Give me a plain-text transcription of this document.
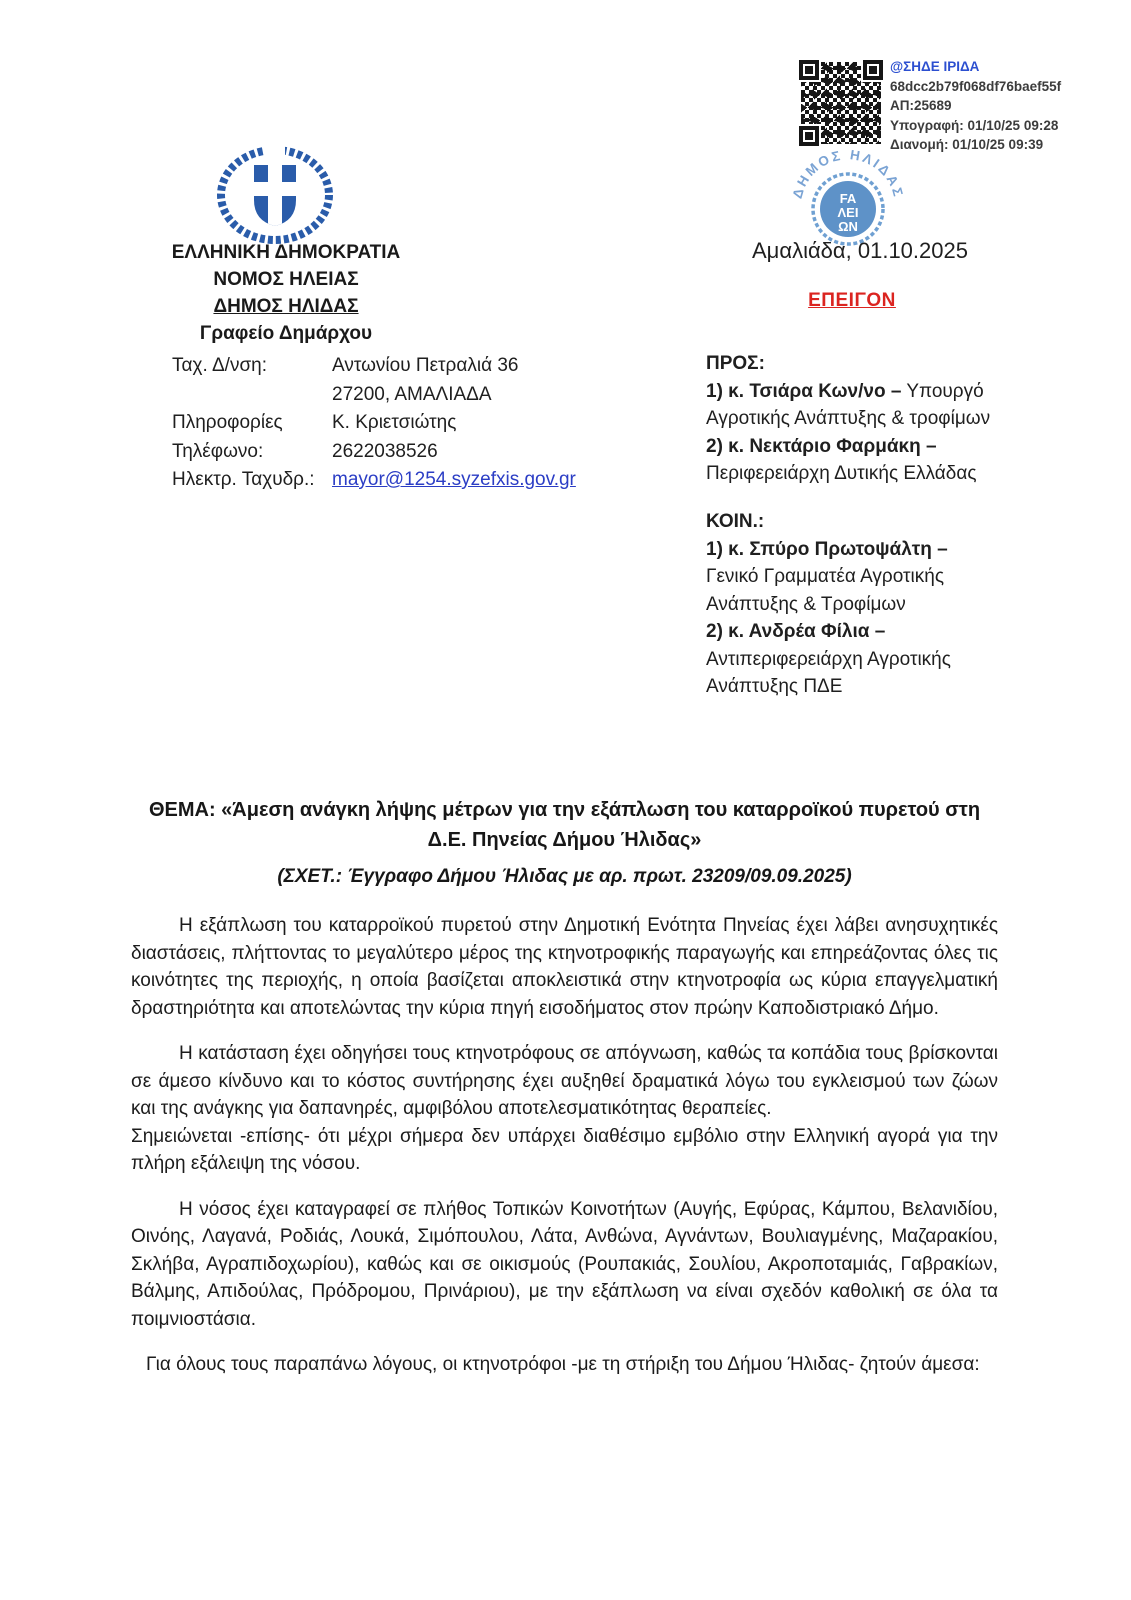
@ΣΗΔΕ ΙΡΙΔΑ
68dcc2b79f068df76baef55f
ΑΠ:25689
Υπογραφή: 01/10/25 09:28
Διανομή: 01/10/25 09:39
ΔΗΜΟΣ ΗΛΙΔΑΣ
FA
ΛΕΙ
ΩΝ
ΕΛΛΗΝΙΚΗ ΔΗΜΟΚΡΑΤΙΑ
ΝΟΜΟΣ ΗΛΕΙΑΣ
ΔΗΜΟΣ ΗΛΙΔΑΣ
Γραφείο Δημάρχου
Ταχ. Δ/νση:	Αντωνίου Πετραλιά 36
27200, ΑΜΑΛΙΑΔΑ
Πληροφορίες	Κ. Κριετσιώτης
Τηλέφωνο:	2622038526
Ηλεκτρ. Ταχυδρ.: mayor@1254.syzefxis.gov.gr
Αμαλιάδα, 01.10.2025
ΕΠΕΙΓΟΝ

ΠΡΟΣ:

1) κ. Τσιάρα Κων/νο – Υπουργό Αγροτικής Ανάπτυξης & τροφίμων

2) κ. Νεκτάριο Φαρμάκη – Περιφερειάρχη Δυτικής Ελλάδας

ΚΟΙΝ.:

1) κ. Σπύρο Πρωτοψάλτη – Γενικό Γραμματέα Αγροτικής Ανάπτυξης & Τροφίμων

2) κ. Ανδρέα Φίλια – Αντιπεριφερειάρχη Αγροτικής Ανάπτυξης ΠΔΕ

ΘΕΜΑ: «Άμεση ανάγκη λήψης μέτρων για την εξάπλωση του καταρροϊκού πυρετού στη Δ.Ε. Πηνείας Δήμου Ήλιδας»
(ΣΧΕΤ.: Έγγραφο Δήμου Ήλιδας με αρ. πρωτ. 23209/09.09.2025)

Η εξάπλωση του καταρροϊκού πυρετού στην Δημοτική Ενότητα Πηνείας έχει λάβει ανησυχητικές διαστάσεις, πλήττοντας το μεγαλύτερο μέρος της κτηνοτροφικής παραγωγής και επηρεάζοντας όλες τις κοινότητες της περιοχής, η οποία βασίζεται αποκλειστικά στην κτηνοτροφία ως κύρια επαγγελματική δραστηριότητα και αποτελώντας την κύρια πηγή εισοδήματος στον πρώην Καποδιστριακό Δήμο.

Η κατάσταση έχει οδηγήσει τους κτηνοτρόφους σε απόγνωση, καθώς τα κοπάδια τους βρίσκονται σε άμεσο κίνδυνο και το κόστος συντήρησης έχει αυξηθεί δραματικά λόγω του εγκλεισμού των ζώων και της ανάγκης για δαπανηρές, αμφιβόλου αποτελεσματικότητας θεραπείες.

Σημειώνεται -επίσης- ότι μέχρι σήμερα δεν υπάρχει διαθέσιμο εμβόλιο στην Ελληνική αγορά για την πλήρη εξάλειψη της νόσου.

Η νόσος έχει καταγραφεί σε πλήθος Τοπικών Κοινοτήτων (Αυγής, Εφύρας, Κάμπου, Βελανιδίου, Οινόης, Λαγανά, Ροδιάς, Λουκά, Σιμόπουλου, Λάτα, Ανθώνα, Αγνάντων, Βουλιαγμένης, Μαζαρακίου, Σκλήβα, Αγραπιδοχωρίου), καθώς και σε οικισμούς (Ρουπακιάς, Σουλίου, Ακροποταμιάς, Γαβρακίων, Βάλμης, Απιδούλας, Πρόδρομου, Πρινάριου), με την εξάπλωση να είναι σχεδόν καθολική σε όλα τα ποιμνιοστάσια.

Για όλους τους παραπάνω λόγους, οι κτηνοτρόφοι -με τη στήριξη του Δήμου Ήλιδας- ζητούν άμεσα:
